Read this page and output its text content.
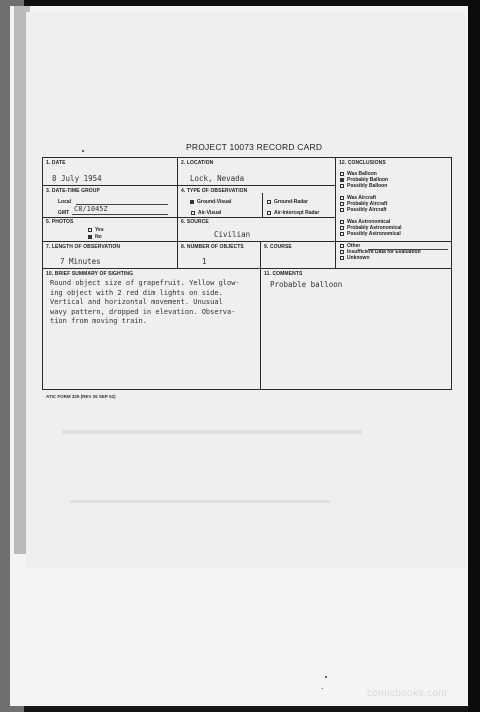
PROJECT 10073 RECORD CARD
1. DATE
8 July 1954
2. LOCATION
Lock, Nevada
12. CONCLUSIONS
Was Balloon
Probably Balloon
Possibly Balloon
Was Aircraft
Probably Aircraft
Possibly Aircraft
Was Astronomical
Probably Astronomical
Possibly Astronomical
Other
Insufficient Data for Evaluation
Unknown
3. DATE-TIME GROUP
Local
GMT C8/1045Z
4. TYPE OF OBSERVATION
Ground-Visual	Ground-Radar
Air-Visual	Air-Intercept Radar
5. PHOTOS
Yes
No
6. SOURCE
Civilian
7. LENGTH OF OBSERVATION
7 Minutes
8. NUMBER OF OBJECTS
1
9. COURSE
10. BRIEF SUMMARY OF SIGHTING
Round object size of grapefruit. Yellow glow-
ing object with 2 red dim lights on side.
Vertical and horizontal movement. Unusual
wavy pattern, dropped in elevation. Observa-
tion from moving train.
11. COMMENTS
Probable balloon
ATIC FORM 329 (REV 26 SEP 52)
comicbooks.com
